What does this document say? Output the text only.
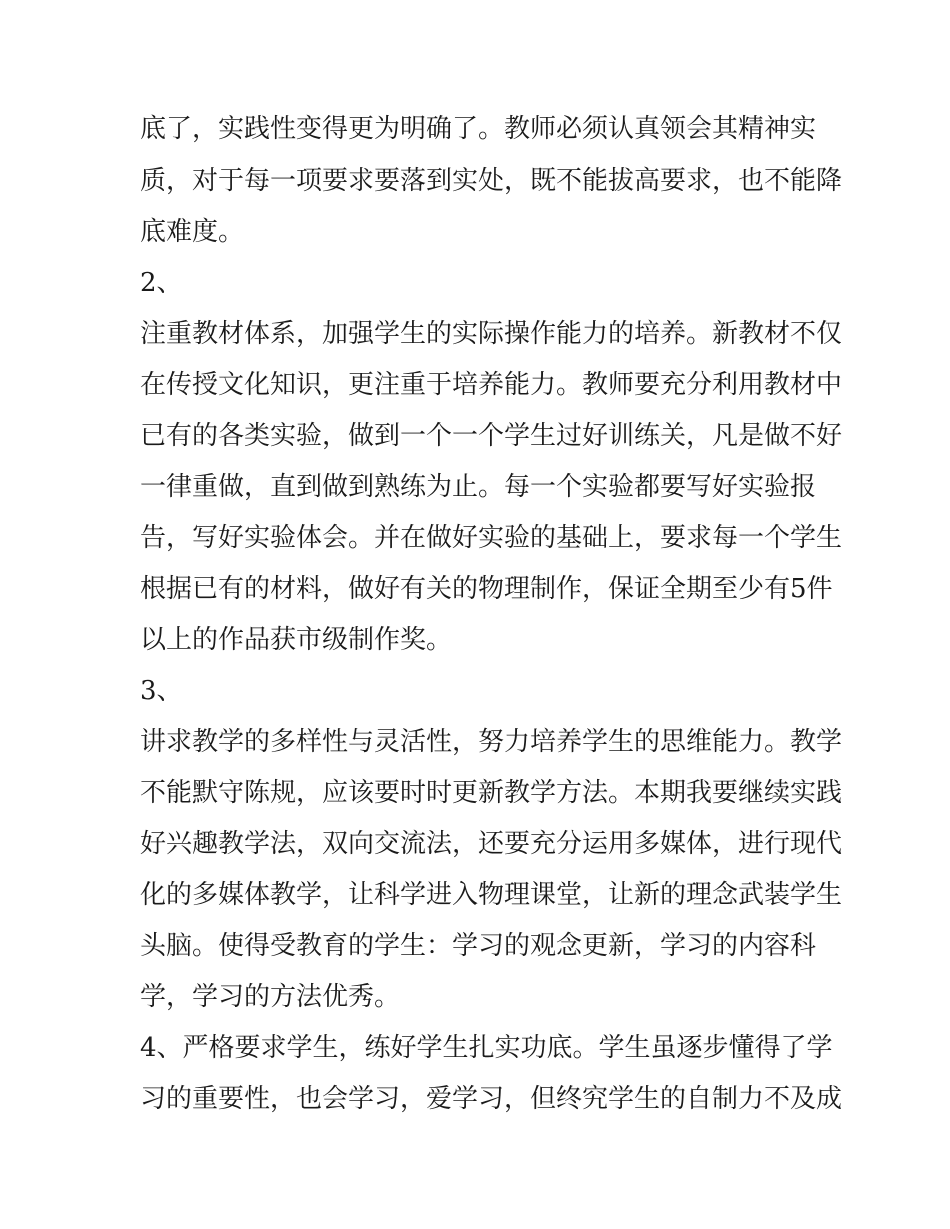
底了，实践性变得更为明确了。教师必须认真领会其精神实
质，对于每一项要求要落到实处，既不能拔高要求，也不能降
底难度。
2、
注重教材体系，加强学生的实际操作能力的培养。新教材不仅
在传授文化知识，更注重于培养能力。教师要充分利用教材中
已有的各类实验，做到一个一个学生过好训练关，凡是做不好
一律重做，直到做到熟练为止。每一个实验都要写好实验报
告，写好实验体会。并在做好实验的基础上，要求每一个学生
根据已有的材料，做好有关的物理制作，保证全期至少有5件
以上的作品获市级制作奖。
3、
讲求教学的多样性与灵活性，努力培养学生的思维能力。教学
不能默守陈规，应该要时时更新教学方法。本期我要继续实践
好兴趣教学法，双向交流法，还要充分运用多媒体，进行现代
化的多媒体教学，让科学进入物理课堂，让新的理念武装学生
头脑。使得受教育的学生：学习的观念更新，学习的内容科
学，学习的方法优秀。
4、严格要求学生，练好学生扎实功底。学生虽逐步懂得了学
习的重要性，也会学习，爱学习，但终究学生的自制力不及成
